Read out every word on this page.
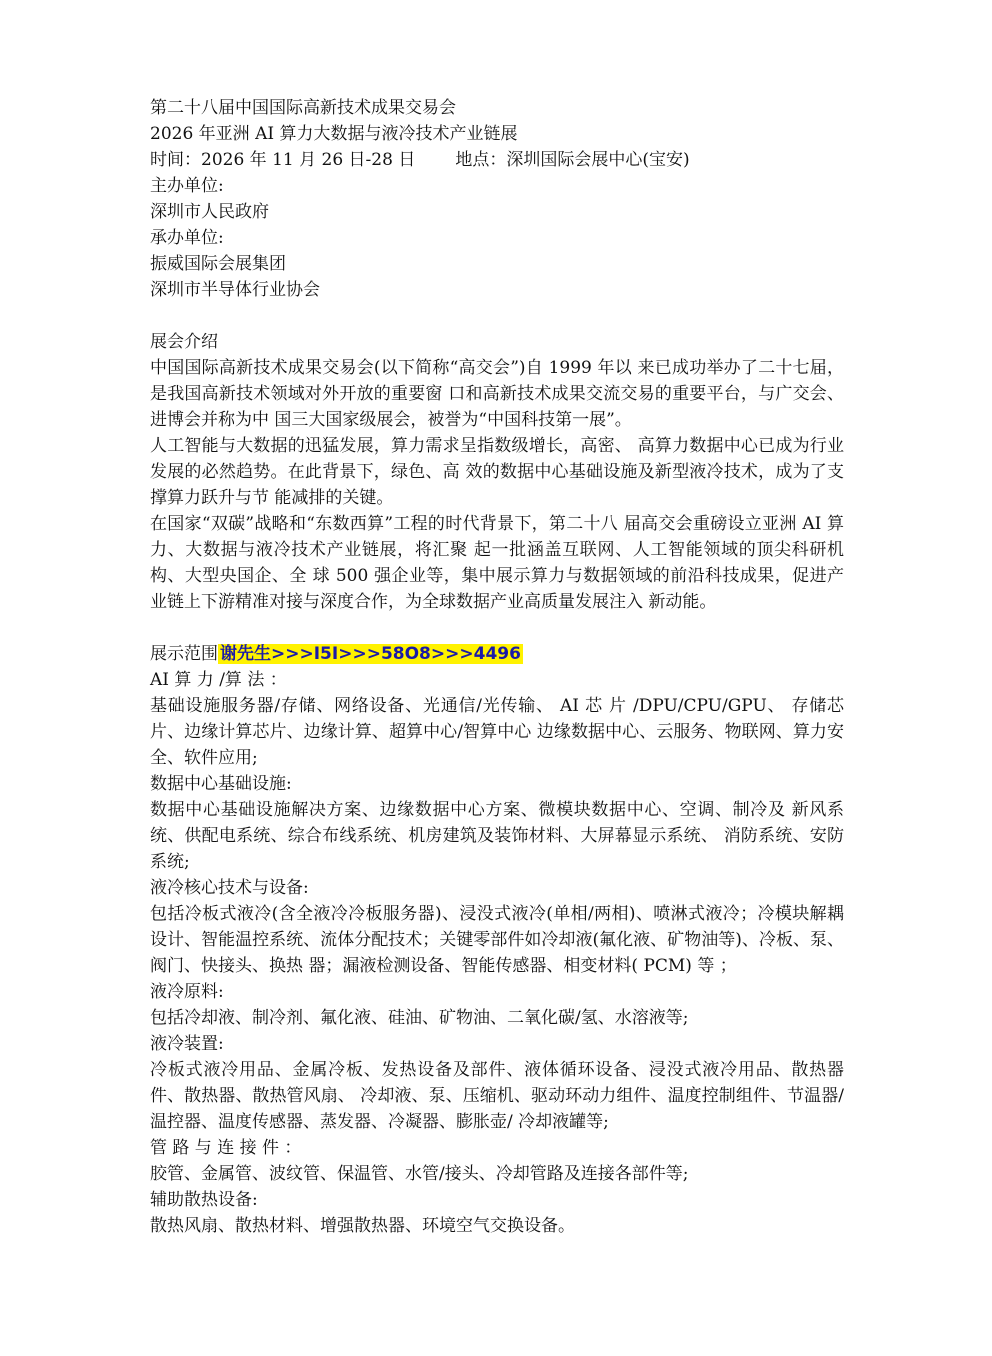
第二十八届中国国际高新技术成果交易会
2026 年亚洲 AI 算力大数据与液冷技术产业链展
时间：2026 年 11 月 26 日-28 日 地点：深圳国际会展中心(宝安)
主办单位:
深圳市人民政府
承办单位:
振威国际会展集团
深圳市半导体行业协会
展会介绍
中国国际高新技术成果交易会(以下简称“高交会”)自 1999 年以 来已成功举办了二十七届，是我国高新技术领域对外开放的重要窗 口和高新技术成果交流交易的重要平台，与广交会、进博会并称为中 国三大国家级展会，被誉为“中国科技第一展”。
人工智能与大数据的迅猛发展，算力需求呈指数级增长，高密、 高算力数据中心已成为行业发展的必然趋势。在此背景下，绿色、高 效的数据中心基础设施及新型液冷技术，成为了支撑算力跃升与节 能减排的关键。
在国家“双碳”战略和“东数西算”工程的时代背景下，第二十八 届高交会重磅设立亚洲 AI 算力、大数据与液冷技术产业链展，将汇聚 起一批涵盖互联网、人工智能领域的顶尖科研机构、大型央国企、全 球 500 强企业等，集中展示算力与数据领域的前沿科技成果，促进产 业链上下游精准对接与深度合作，为全球数据产业高质量发展注入 新动能。
展示范围 谢先生>>>I5I>>>58O8>>>4496
AI 算 力 /算 法 ：
基础设施服务器/存储、网络设备、光通信/光传输、 AI 芯 片 /DPU/CPU/GPU、 存储芯片、边缘计算芯片、边缘计算、超算中心/智算中心 边缘数据中心、云服务、物联网、算力安全、软件应用;
数据中心基础设施:
数据中心基础设施解决方案、边缘数据中心方案、微模块数据中心、空调、制冷及 新风系统、供配电系统、综合布线系统、机房建筑及装饰材料、大屏幕显示系统、 消防系统、安防系统;
液冷核心技术与设备:
包括冷板式液冷(含全液冷冷板服务器)、浸没式液冷(单相/两相)、喷淋式液冷；冷模块解耦设计、智能温控系统、流体分配技术；关键零部件如冷却液(氟化液、矿物油等)、冷板、泵、阀门、快接头、换热 器；漏液检测设备、智能传感器、相变材料( PCM) 等 ；
液冷原料:
包括冷却液、制冷剂、氟化液、硅油、矿物油、二氧化碳/氢、水溶液等;
液冷装置:
冷板式液冷用品、金属冷板、发热设备及部件、液体循环设备、浸没式液冷用品、散热器件、散热器、散热管风扇、 冷却液、泵、压缩机、驱动环动力组件、温度控制组件、节温器/温控器、温度传感器、蒸发器、冷凝器、膨胀壶/ 冷却液罐等;
管 路 与 连 接 件 ：
胶管、金属管、波纹管、保温管、水管/接头、冷却管路及连接各部件等;
辅助散热设备:
散热风扇、散热材料、增强散热器、环境空气交换设备。
